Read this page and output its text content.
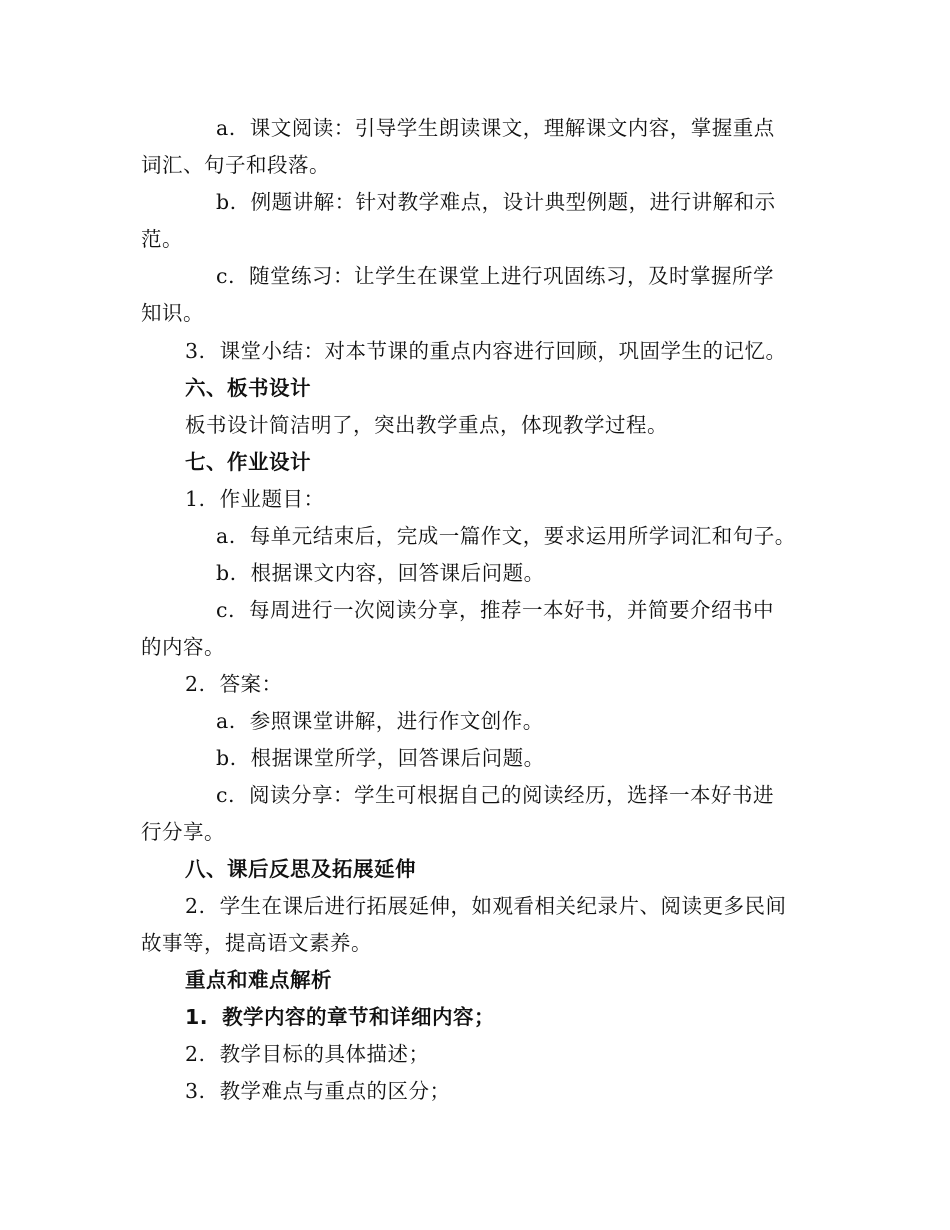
a. 课文阅读：引导学生朗读课文，理解课文内容，掌握重点
词汇、句子和段落。
b. 例题讲解：针对教学难点，设计典型例题，进行讲解和示
范。
c. 随堂练习：让学生在课堂上进行巩固练习，及时掌握所学
知识。
3. 课堂小结：对本节课的重点内容进行回顾，巩固学生的记忆。
六、板书设计
板书设计简洁明了，突出教学重点，体现教学过程。
七、作业设计
1. 作业题目：
a. 每单元结束后，完成一篇作文，要求运用所学词汇和句子。
b. 根据课文内容，回答课后问题。
c. 每周进行一次阅读分享，推荐一本好书，并简要介绍书中
的内容。
2. 答案：
a. 参照课堂讲解，进行作文创作。
b. 根据课堂所学，回答课后问题。
c. 阅读分享：学生可根据自己的阅读经历，选择一本好书进
行分享。
八、课后反思及拓展延伸
2. 学生在课后进行拓展延伸，如观看相关纪录片、阅读更多民间
故事等，提高语文素养。
重点和难点解析
1. 教学内容的章节和详细内容；
2. 教学目标的具体描述；
3. 教学难点与重点的区分；
